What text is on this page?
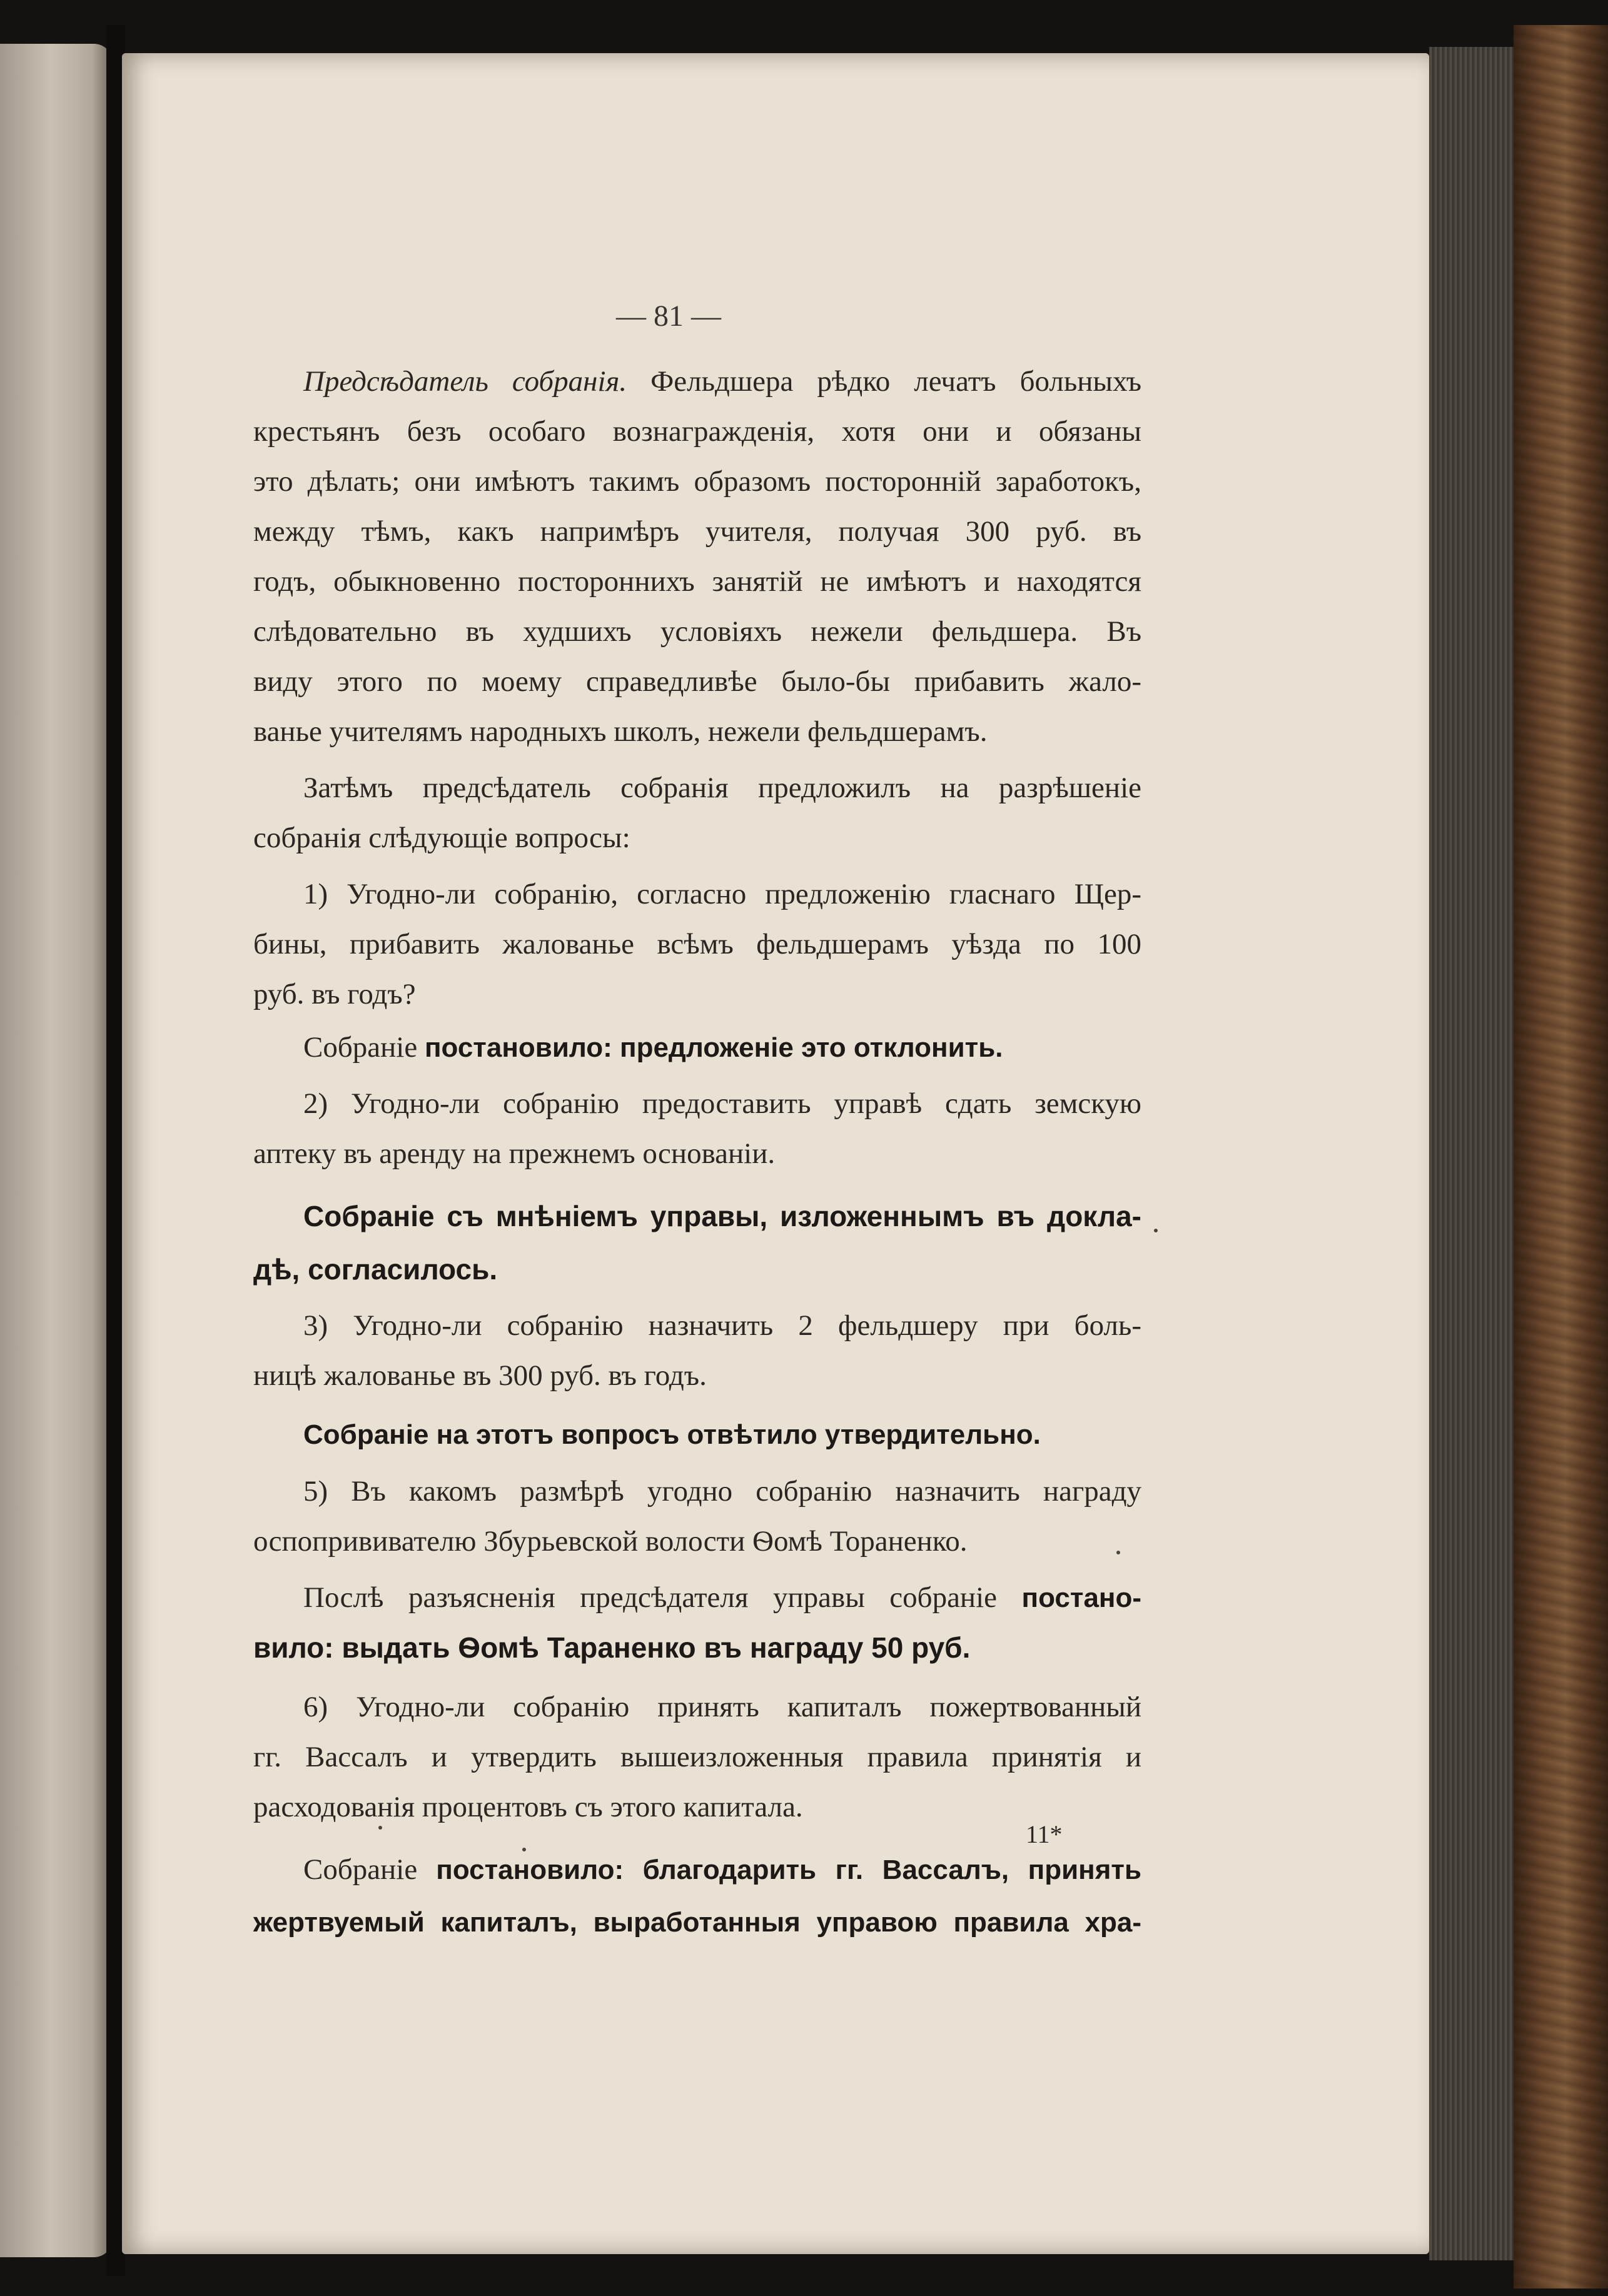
— 81 —
Предсѣдатель собранія. Фельдшера рѣдко лечатъ больныхъ
крестьянъ безъ особаго вознагражденія, хотя они и обязаны
это дѣлать; они имѣютъ такимъ образомъ посторонній заработокъ,
между тѣмъ, какъ напримѣръ учителя, получая 300 руб. въ
годъ, обыкновенно постороннихъ занятій не имѣютъ и находятся
слѣдовательно въ худшихъ условіяхъ нежели фельдшера. Въ
виду этого по моему справедливѣе было-бы прибавить жало-
ванье учителямъ народныхъ школъ, нежели фельдшерамъ.
Затѣмъ предсѣдатель собранія предложилъ на разрѣшеніе
собранія слѣдующіе вопросы:
1) Угодно-ли собранію, согласно предложенію гласнаго Щер-
бины, прибавить жалованье всѣмъ фельдшерамъ уѣзда по 100
руб. въ годъ?
Собраніе постановило: предложеніе это отклонить.
2) Угодно-ли собранію предоставить управѣ сдать земскую
аптеку въ аренду на прежнемъ основаніи.
Собраніе съ мнѣніемъ управы, изложеннымъ въ докла-
дѣ, согласилось.
3) Угодно-ли собранію назначить 2 фельдшеру при боль-
ницѣ жалованье въ 300 руб. въ годъ.
Собраніе на этотъ вопросъ отвѣтило утвердительно.
5) Въ какомъ размѣрѣ угодно собранію назначить награду
оспопрививателю Збурьевской волости Ѳомѣ Тораненко.
Послѣ разъясненія предсѣдателя управы собраніе постано-
вило: выдать Ѳомѣ Тараненко въ награду 50 руб.
6) Угодно-ли собранію принять капиталъ пожертвованный
гг. Вассалъ и утвердить вышеизложенныя правила принятія и
расходованія процентовъ съ этого капитала.
Собраніе постановило: благодарить гг. Вассалъ, принять
жертвуемый капиталъ, выработанныя управою правила хра-
11*
